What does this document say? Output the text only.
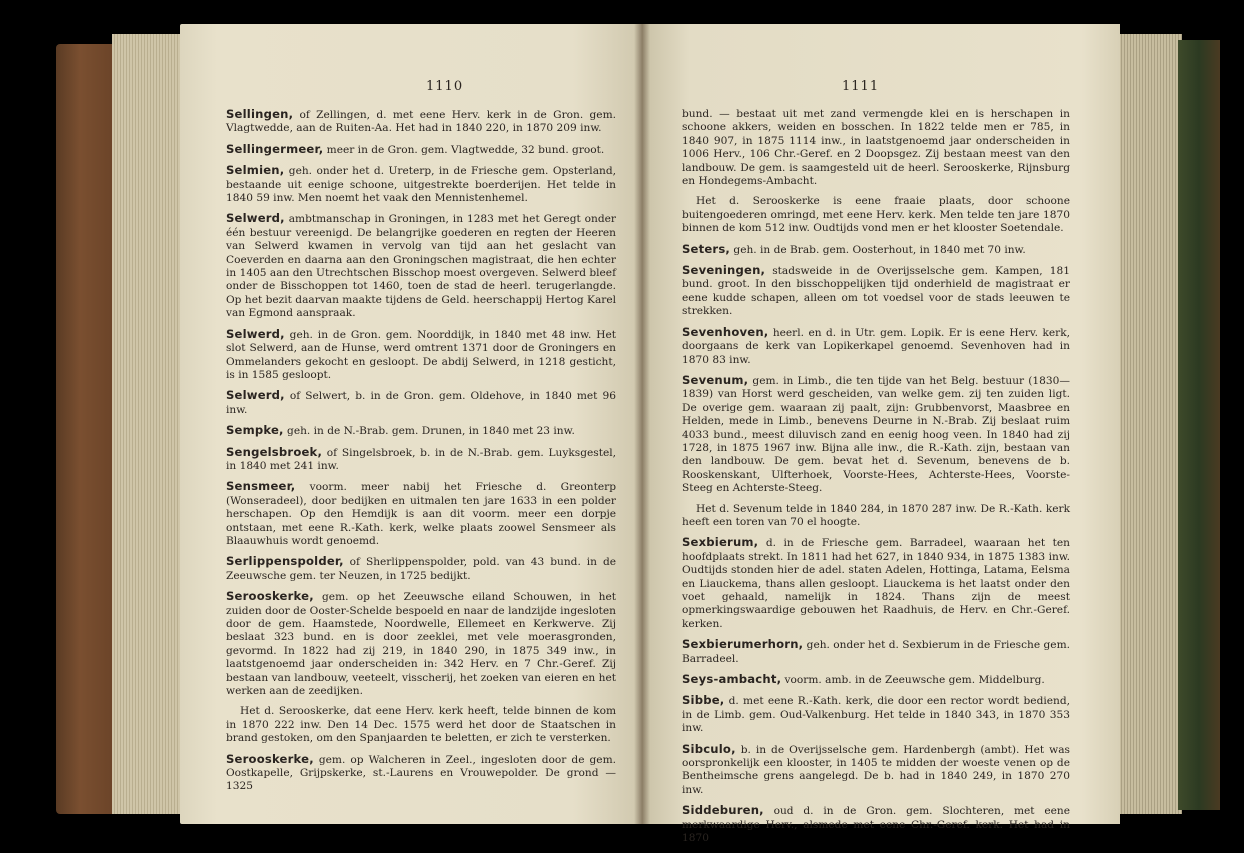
1110	1111

Sellingen, of Zellingen, d. met eene Herv. kerk in de Gron. gem. Vlagtwedde, aan de Ruiten-Aa. Het had in 1840 220, in 1870 209 inw.

Sellingermeer, meer in de Gron. gem. Vlagtwedde, 32 bund. groot.

Selmien, geh. onder het d. Ureterp, in de Friesche gem. Opsterland, bestaande uit eenige schoone, uitgestrekte boerderijen. Het telde in 1840 59 inw. Men noemt het vaak den Mennistenhemel.

Selwerd, ambtmanschap in Groningen, in 1283 met het Geregt onder één bestuur vereenigd. De belangrijke goederen en regten der Heeren van Selwerd kwamen in vervolg van tijd aan het geslacht van Coeverden en daarna aan den Groningschen magistraat, die hen echter in 1405 aan den Utrechtschen Bisschop moest overgeven. Selwerd bleef onder de Bisschoppen tot 1460, toen de stad de heerl. terugerlangde. Op het bezit daarvan maakte tijdens de Geld. heerschappij Hertog Karel van Egmond aanspraak.

Selwerd, geh. in de Gron. gem. Noorddijk, in 1840 met 48 inw. Het slot Selwerd, aan de Hunse, werd omtrent 1371 door de Groningers en Ommelanders gekocht en gesloopt. De abdij Selwerd, in 1218 gesticht, is in 1585 gesloopt.

Selwerd, of Selwert, b. in de Gron. gem. Oldehove, in 1840 met 96 inw.

Sempke, geh. in de N.-Brab. gem. Drunen, in 1840 met 23 inw.

Sengelsbroek, of Singelsbroek, b. in de N.-Brab. gem. Luyksgestel, in 1840 met 241 inw.

Sensmeer, voorm. meer nabij het Friesche d. Greonterp (Wonseradeel), door bedijken en uitmalen ten jare 1633 in een polder herschapen. Op den Hemdijk is aan dit voorm. meer een dorpje ontstaan, met eene R.-Kath. kerk, welke plaats zoowel Sensmeer als Blaauwhuis wordt genoemd.

Serlippenspolder, of Sherlippenspolder, pold. van 43 bund. in de Zeeuwsche gem. ter Neuzen, in 1725 bedijkt.

Serooskerke, gem. op het Zeeuwsche eiland Schouwen, in het zuiden door de Ooster-Schelde bespoeld en naar de landzijde ingesloten door de gem. Haamstede, Noordwelle, Ellemeet en Kerkwerve. Zij beslaat 323 bund. en is door zeeklei, met vele moerasgronden, gevormd. In 1822 had zij 219, in 1840 290, in 1875 349 inw., in laatstgenoemd jaar onderscheiden in: 342 Herv. en 7 Chr.-Geref. Zij bestaan van landbouw, veeteelt, visscherij, het zoeken van eieren en het werken aan de zeedijken.

Het d. Serooskerke, dat eene Herv. kerk heeft, telde binnen de kom in 1870 222 inw. Den 14 Dec. 1575 werd het door de Staatschen in brand gestoken, om den Spanjaarden te beletten, er zich te versterken.

Serooskerke, gem. op Walcheren in Zeel., ingesloten door de gem. Oostkapelle, Grijpskerke, st.-Laurens en Vrouwepolder. De grond — 1325

bund. — bestaat uit met zand vermengde klei en is herschapen in schoone akkers, weiden en bosschen. In 1822 telde men er 785, in 1840 907, in 1875 1114 inw., in laatstgenoemd jaar onderscheiden in 1006 Herv., 106 Chr.-Geref. en 2 Doopsgez. Zij bestaan meest van den landbouw. De gem. is saamgesteld uit de heerl. Serooskerke, Rijnsburg en Hondegems-Ambacht.

Het d. Serooskerke is eene fraaie plaats, door schoone buitengoederen omringd, met eene Herv. kerk. Men telde ten jare 1870 binnen de kom 512 inw. Oudtijds vond men er het klooster Soetendale.

Seters, geh. in de Brab. gem. Oosterhout, in 1840 met 70 inw.

Seveningen, stadsweide in de Overijsselsche gem. Kampen, 181 bund. groot. In den bisschoppelijken tijd onderhield de magistraat er eene kudde schapen, alleen om tot voedsel voor de stads leeuwen te strekken.

Sevenhoven, heerl. en d. in Utr. gem. Lopik. Er is eene Herv. kerk, doorgaans de kerk van Lopikerkapel genoemd. Sevenhoven had in 1870 83 inw.

Sevenum, gem. in Limb., die ten tijde van het Belg. bestuur (1830—1839) van Horst werd gescheiden, van welke gem. zij ten zuiden ligt. De overige gem. waaraan zij paalt, zijn: Grubbenvorst, Maasbree en Helden, mede in Limb., benevens Deurne in N.-Brab. Zij beslaat ruim 4033 bund., meest diluvisch zand en eenig hoog veen. In 1840 had zij 1728, in 1875 1967 inw. Bijna alle inw., die R.-Kath. zijn, bestaan van den landbouw. De gem. bevat het d. Sevenum, benevens de b. Rooskenskant, Ulfterhoek, Voorste-Hees, Achterste-Hees, Voorste-Steeg en Achterste-Steeg.

Het d. Sevenum telde in 1840 284, in 1870 287 inw. De R.-Kath. kerk heeft een toren van 70 el hoogte.

Sexbierum, d. in de Friesche gem. Barradeel, waaraan het ten hoofdplaats strekt. In 1811 had het 627, in 1840 934, in 1875 1383 inw. Oudtijds stonden hier de adel. staten Adelen, Hottinga, Latama, Eelsma en Liauckema, thans allen gesloopt. Liauckema is het laatst onder den voet gehaald, namelijk in 1824. Thans zijn de meest opmerkingswaardige gebouwen het Raadhuis, de Herv. en Chr.-Geref. kerken.

Sexbierumerhorn, geh. onder het d. Sexbierum in de Friesche gem. Barradeel.

Seys-ambacht, voorm. amb. in de Zeeuwsche gem. Middelburg.

Sibbe, d. met eene R.-Kath. kerk, die door een rector wordt bediend, in de Limb. gem. Oud-Valkenburg. Het telde in 1840 343, in 1870 353 inw.

Sibculo, b. in de Overijsselsche gem. Hardenbergh (ambt). Het was oorspronkelijk een klooster, in 1405 te midden der woeste venen op de Bentheimsche grens aangelegd. De b. had in 1840 249, in 1870 270 inw.

Siddeburen, oud d. in de Gron. gem. Slochteren, met eene merkwaardige Herv., alsmede met eene Chr.-Geref. kerk. Het had in 1870
